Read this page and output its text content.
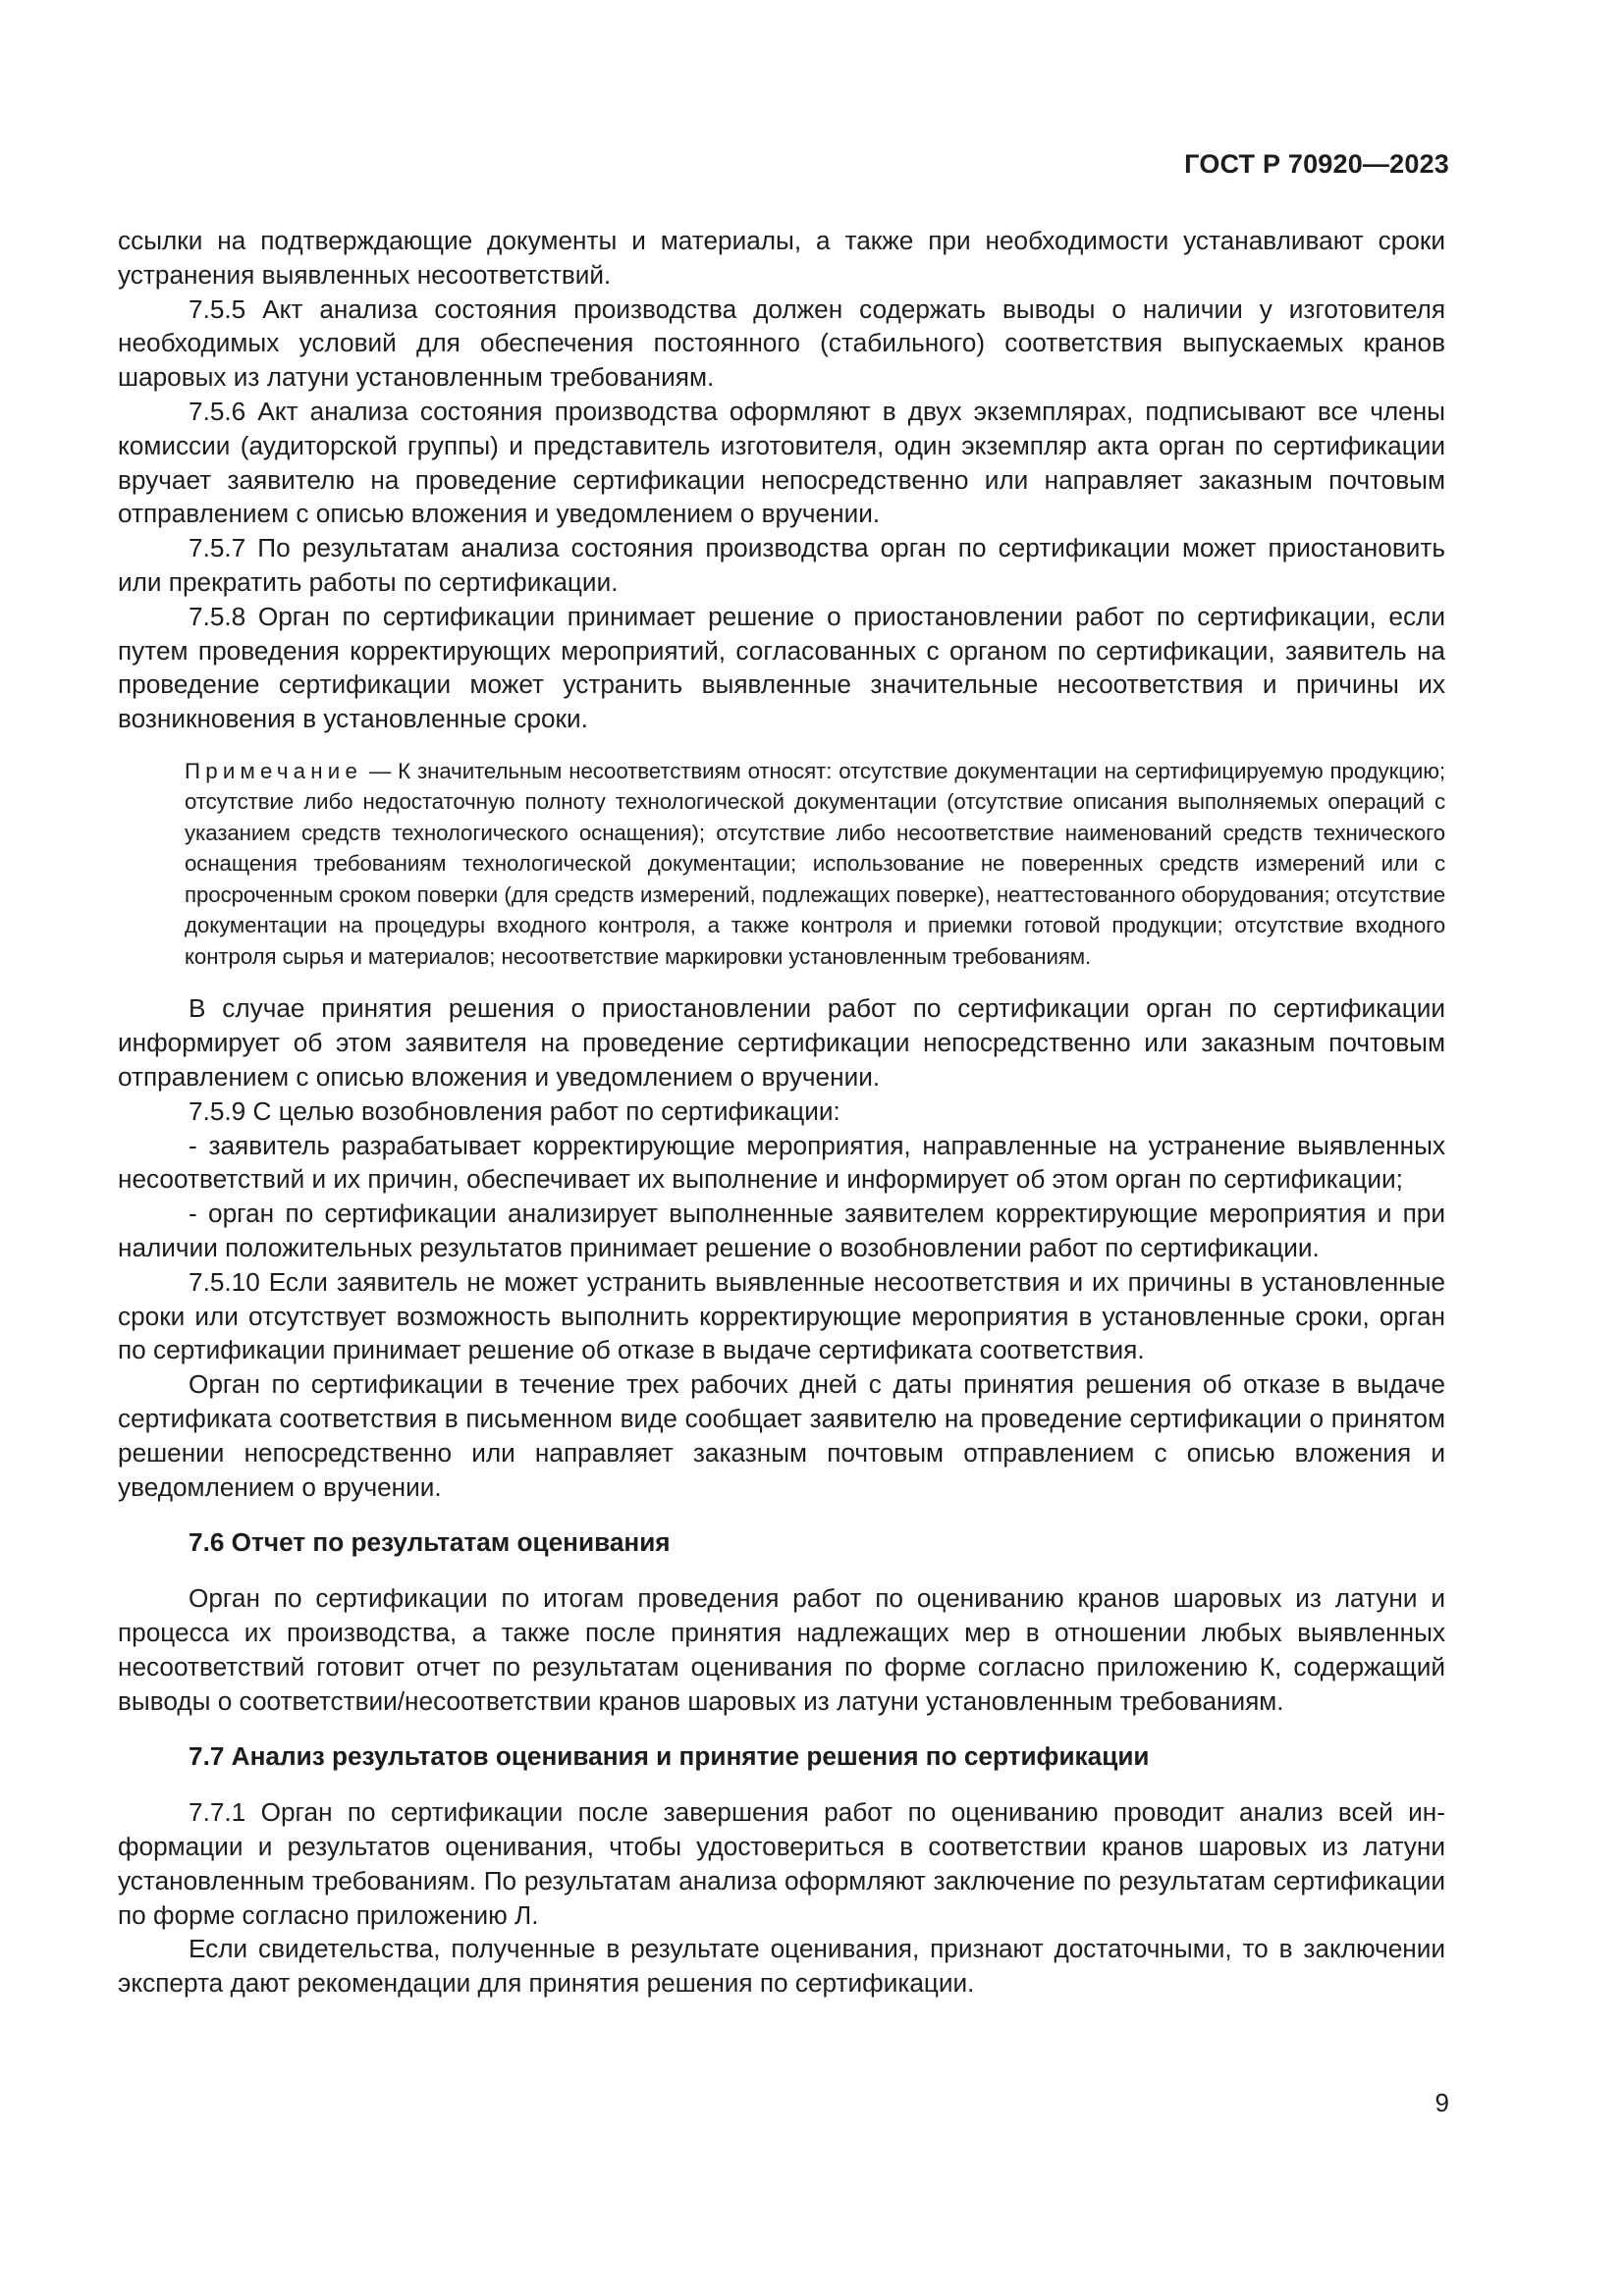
ГОСТ Р 70920—2023

ссылки на подтверждающие документы и материалы, а также при необходимости устанавливают сроки устранения выявленных несоответствий.

7.5.5 Акт анализа состояния производства должен содержать выводы о наличии у изготовителя необходимых условий для обеспечения постоянного (стабильного) соответствия выпускаемых кранов шаровых из латуни установленным требованиям.

7.5.6 Акт анализа состояния производства оформляют в двух экземплярах, подписывают все члены комиссии (аудиторской группы) и представитель изготовителя, один экземпляр акта орган по сертификации вручает заявителю на проведение сертификации непосредственно или направляет заказным почтовым отправлением с описью вложения и уведомлением о вручении.

7.5.7 По результатам анализа состояния производства орган по сертификации может приостановить или прекратить работы по сертификации.

7.5.8 Орган по сертификации принимает решение о приостановлении работ по сертификации, если путем проведения корректирующих мероприятий, согласованных с органом по сертификации, заявитель на проведение сертификации может устранить выявленные значительные несоответствия и причины их возникновения в установленные сроки.

Примечание — К значительным несоответствиям относят: отсутствие документации на сертифицируемую продукцию; отсутствие либо недостаточную полноту технологической документации (отсутствие описания выполняемых операций с указанием средств технологического оснащения); отсутствие либо несоответствие наименований средств технического оснащения требованиям технологической документации; использование не поверенных средств измерений или с просроченным сроком поверки (для средств измерений, подлежащих поверке), неаттестованного оборудования; отсутствие документации на процедуры входного контроля, а также контроля и приемки готовой продукции; отсутствие входного контроля сырья и материалов; несоответствие маркировки установленным требованиям.

В случае принятия решения о приостановлении работ по сертификации орган по сертификации информирует об этом заявителя на проведение сертификации непосредственно или заказным почтовым отправлением с описью вложения и уведомлением о вручении.

7.5.9 С целью возобновления работ по сертификации:

- заявитель разрабатывает корректирующие мероприятия, направленные на устранение выявленных несоответствий и их причин, обеспечивает их выполнение и информирует об этом орган по сертификации;

- орган по сертификации анализирует выполненные заявителем корректирующие мероприятия и при наличии положительных результатов принимает решение о возобновлении работ по сертификации.

7.5.10 Если заявитель не может устранить выявленные несоответствия и их причины в установленные сроки или отсутствует возможность выполнить корректирующие мероприятия в установленные сроки, орган по сертификации принимает решение об отказе в выдаче сертификата соответствия.

Орган по сертификации в течение трех рабочих дней с даты принятия решения об отказе в выдаче сертификата соответствия в письменном виде сообщает заявителю на проведение сертификации о принятом решении непосредственно или направляет заказным почтовым отправлением с описью вложения и уведомлением о вручении.

7.6 Отчет по результатам оценивания

Орган по сертификации по итогам проведения работ по оцениванию кранов шаровых из латуни и процесса их производства, а также после принятия надлежащих мер в отношении любых выявленных несоответствий готовит отчет по результатам оценивания по форме согласно приложению К, содержащий выводы о соответствии/несоответствии кранов шаровых из латуни установленным требованиям.

7.7 Анализ результатов оценивания и принятие решения по сертификации

7.7.1 Орган по сертификации после завершения работ по оцениванию проводит анализ всей информации и результатов оценивания, чтобы удостовериться в соответствии кранов шаровых из латуни установленным требованиям. По результатам анализа оформляют заключение по результатам сертификации по форме согласно приложению Л.

Если свидетельства, полученные в результате оценивания, признают достаточными, то в заключении эксперта дают рекомендации для принятия решения по сертификации.

9
